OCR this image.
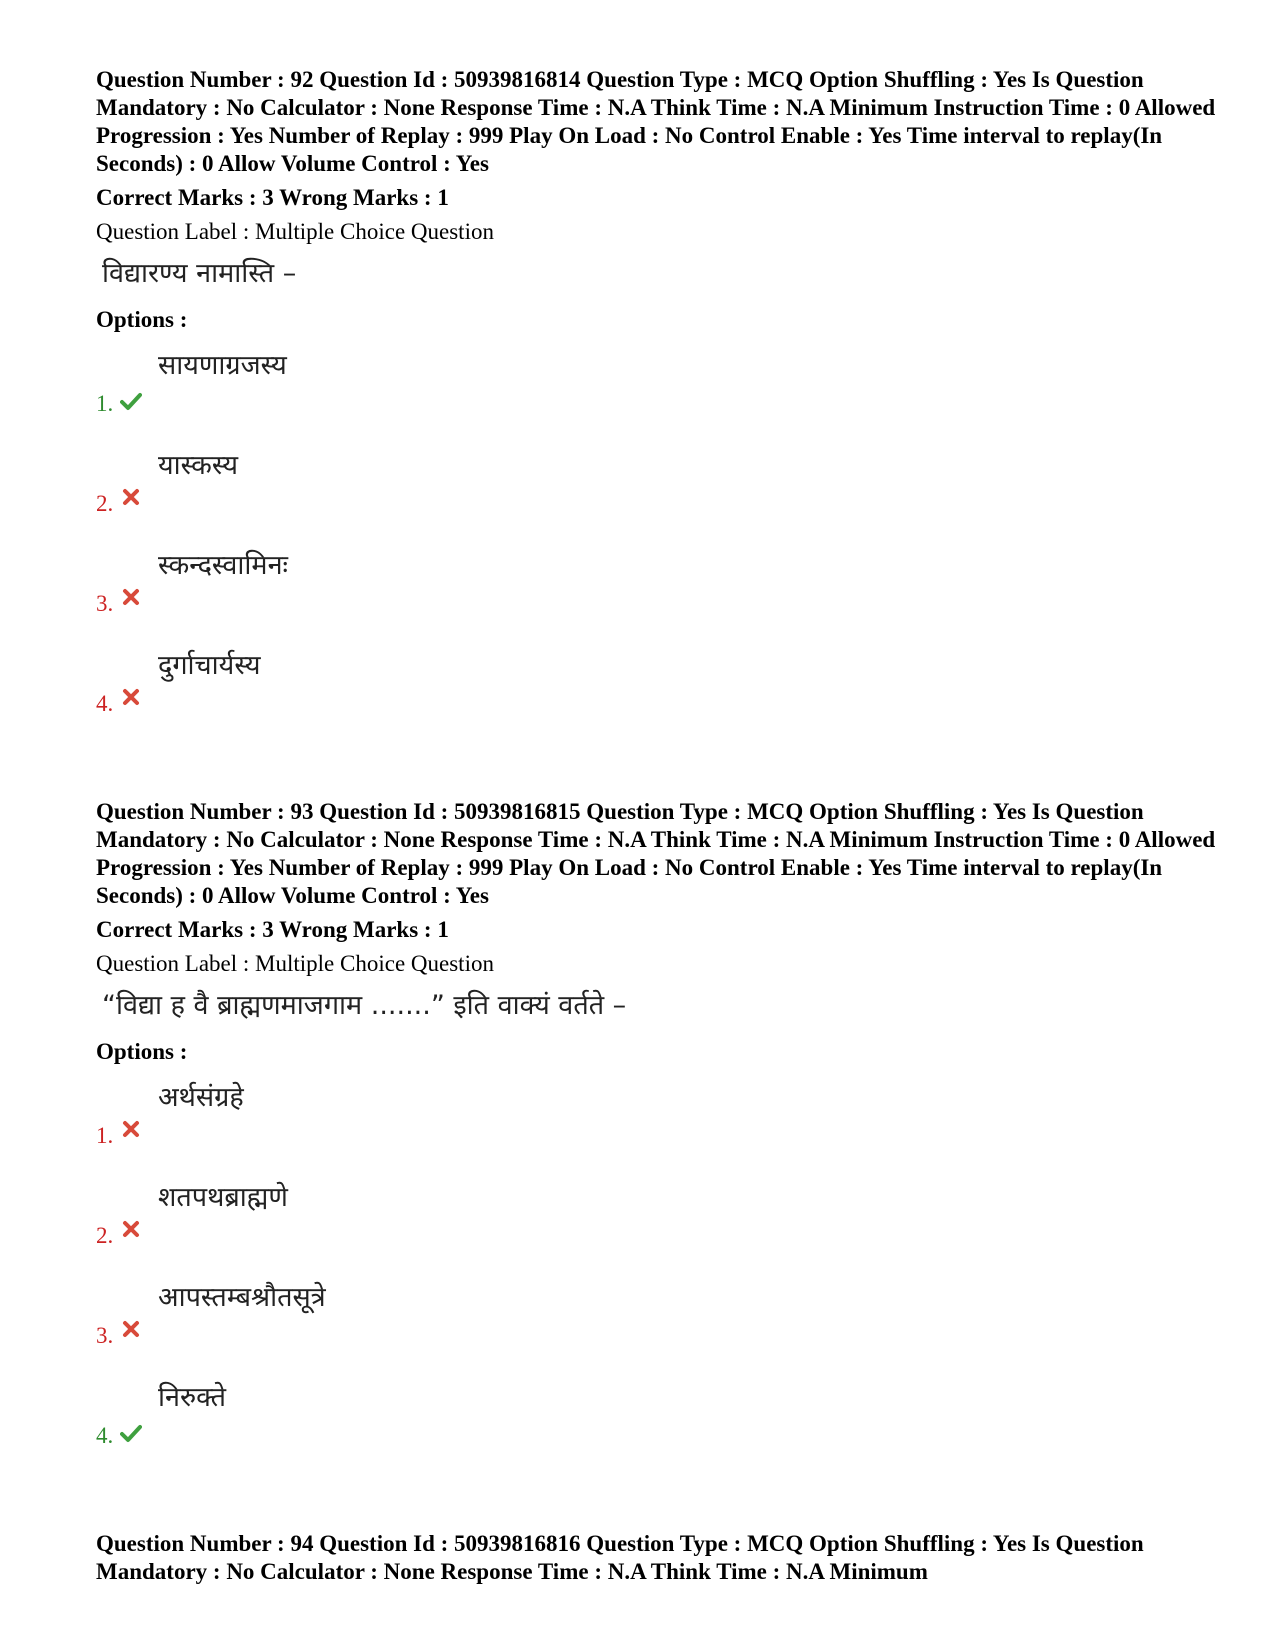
Question Number : 92 Question Id : 50939816814 Question Type : MCQ Option Shuffling : Yes Is Question Mandatory : No Calculator : None Response Time : N.A Think Time : N.A Minimum Instruction Time : 0 Allowed Progression : Yes Number of Replay : 999 Play On Load : No Control Enable : Yes Time interval to replay(In Seconds) : 0 Allow Volume Control : Yes

Correct Marks : 3 Wrong Marks : 1
Question Label : Multiple Choice Question
विद्यारण्य नामास्ति –
Options :
1.
सायणाग्रजस्य
2.
यास्कस्य
3.
स्कन्दस्वामिनः
4.
दुर्गाचार्यस्य

Question Number : 93 Question Id : 50939816815 Question Type : MCQ Option Shuffling : Yes Is Question Mandatory : No Calculator : None Response Time : N.A Think Time : N.A Minimum Instruction Time : 0 Allowed Progression : Yes Number of Replay : 999 Play On Load : No Control Enable : Yes Time interval to replay(In Seconds) : 0 Allow Volume Control : Yes

Correct Marks : 3 Wrong Marks : 1
Question Label : Multiple Choice Question
“विद्या ह वै ब्राह्मणमाजगाम .......” इति वाक्यं वर्तते –
Options :
1.
अर्थसंग्रहे
2.
शतपथब्राह्मणे
3.
आपस्तम्बश्रौतसूत्रे
4.
निरुक्ते

Question Number : 94 Question Id : 50939816816 Question Type : MCQ Option Shuffling : Yes Is Question Mandatory : No Calculator : None Response Time : N.A Think Time : N.A Minimum
